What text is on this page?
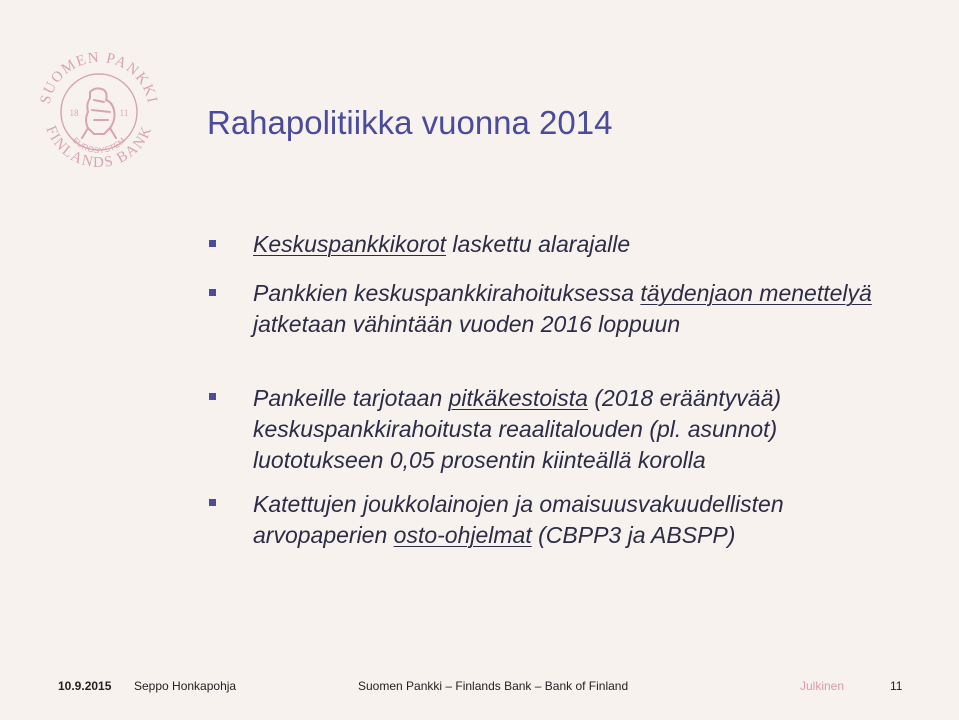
SUOMEN PANKKI
FINLANDS BANK
EUROSYSTEM
18	11 Rahapolitiikka vuonna 2014
Keskuspankkikorot laskettu alarajalle
Pankkien keskuspankkirahoituksessa täydenjaon menettelyä jatketaan vähintään vuoden 2016 loppuun
Pankeille tarjotaan pitkäkestoista (2018 erääntyvää) keskuspankkirahoitusta reaalitalouden (pl. asunnot) luototukseen 0,05 prosentin kiinteällä korolla
Katettujen joukkolainojen ja omaisuusvakuudellisten arvopaperien osto-ohjelmat (CBPP3 ja ABSPP)
10.9.2015 Seppo Honkapohja	Suomen Pankki – Finlands Bank – Bank of Finland	Julkinen	11
